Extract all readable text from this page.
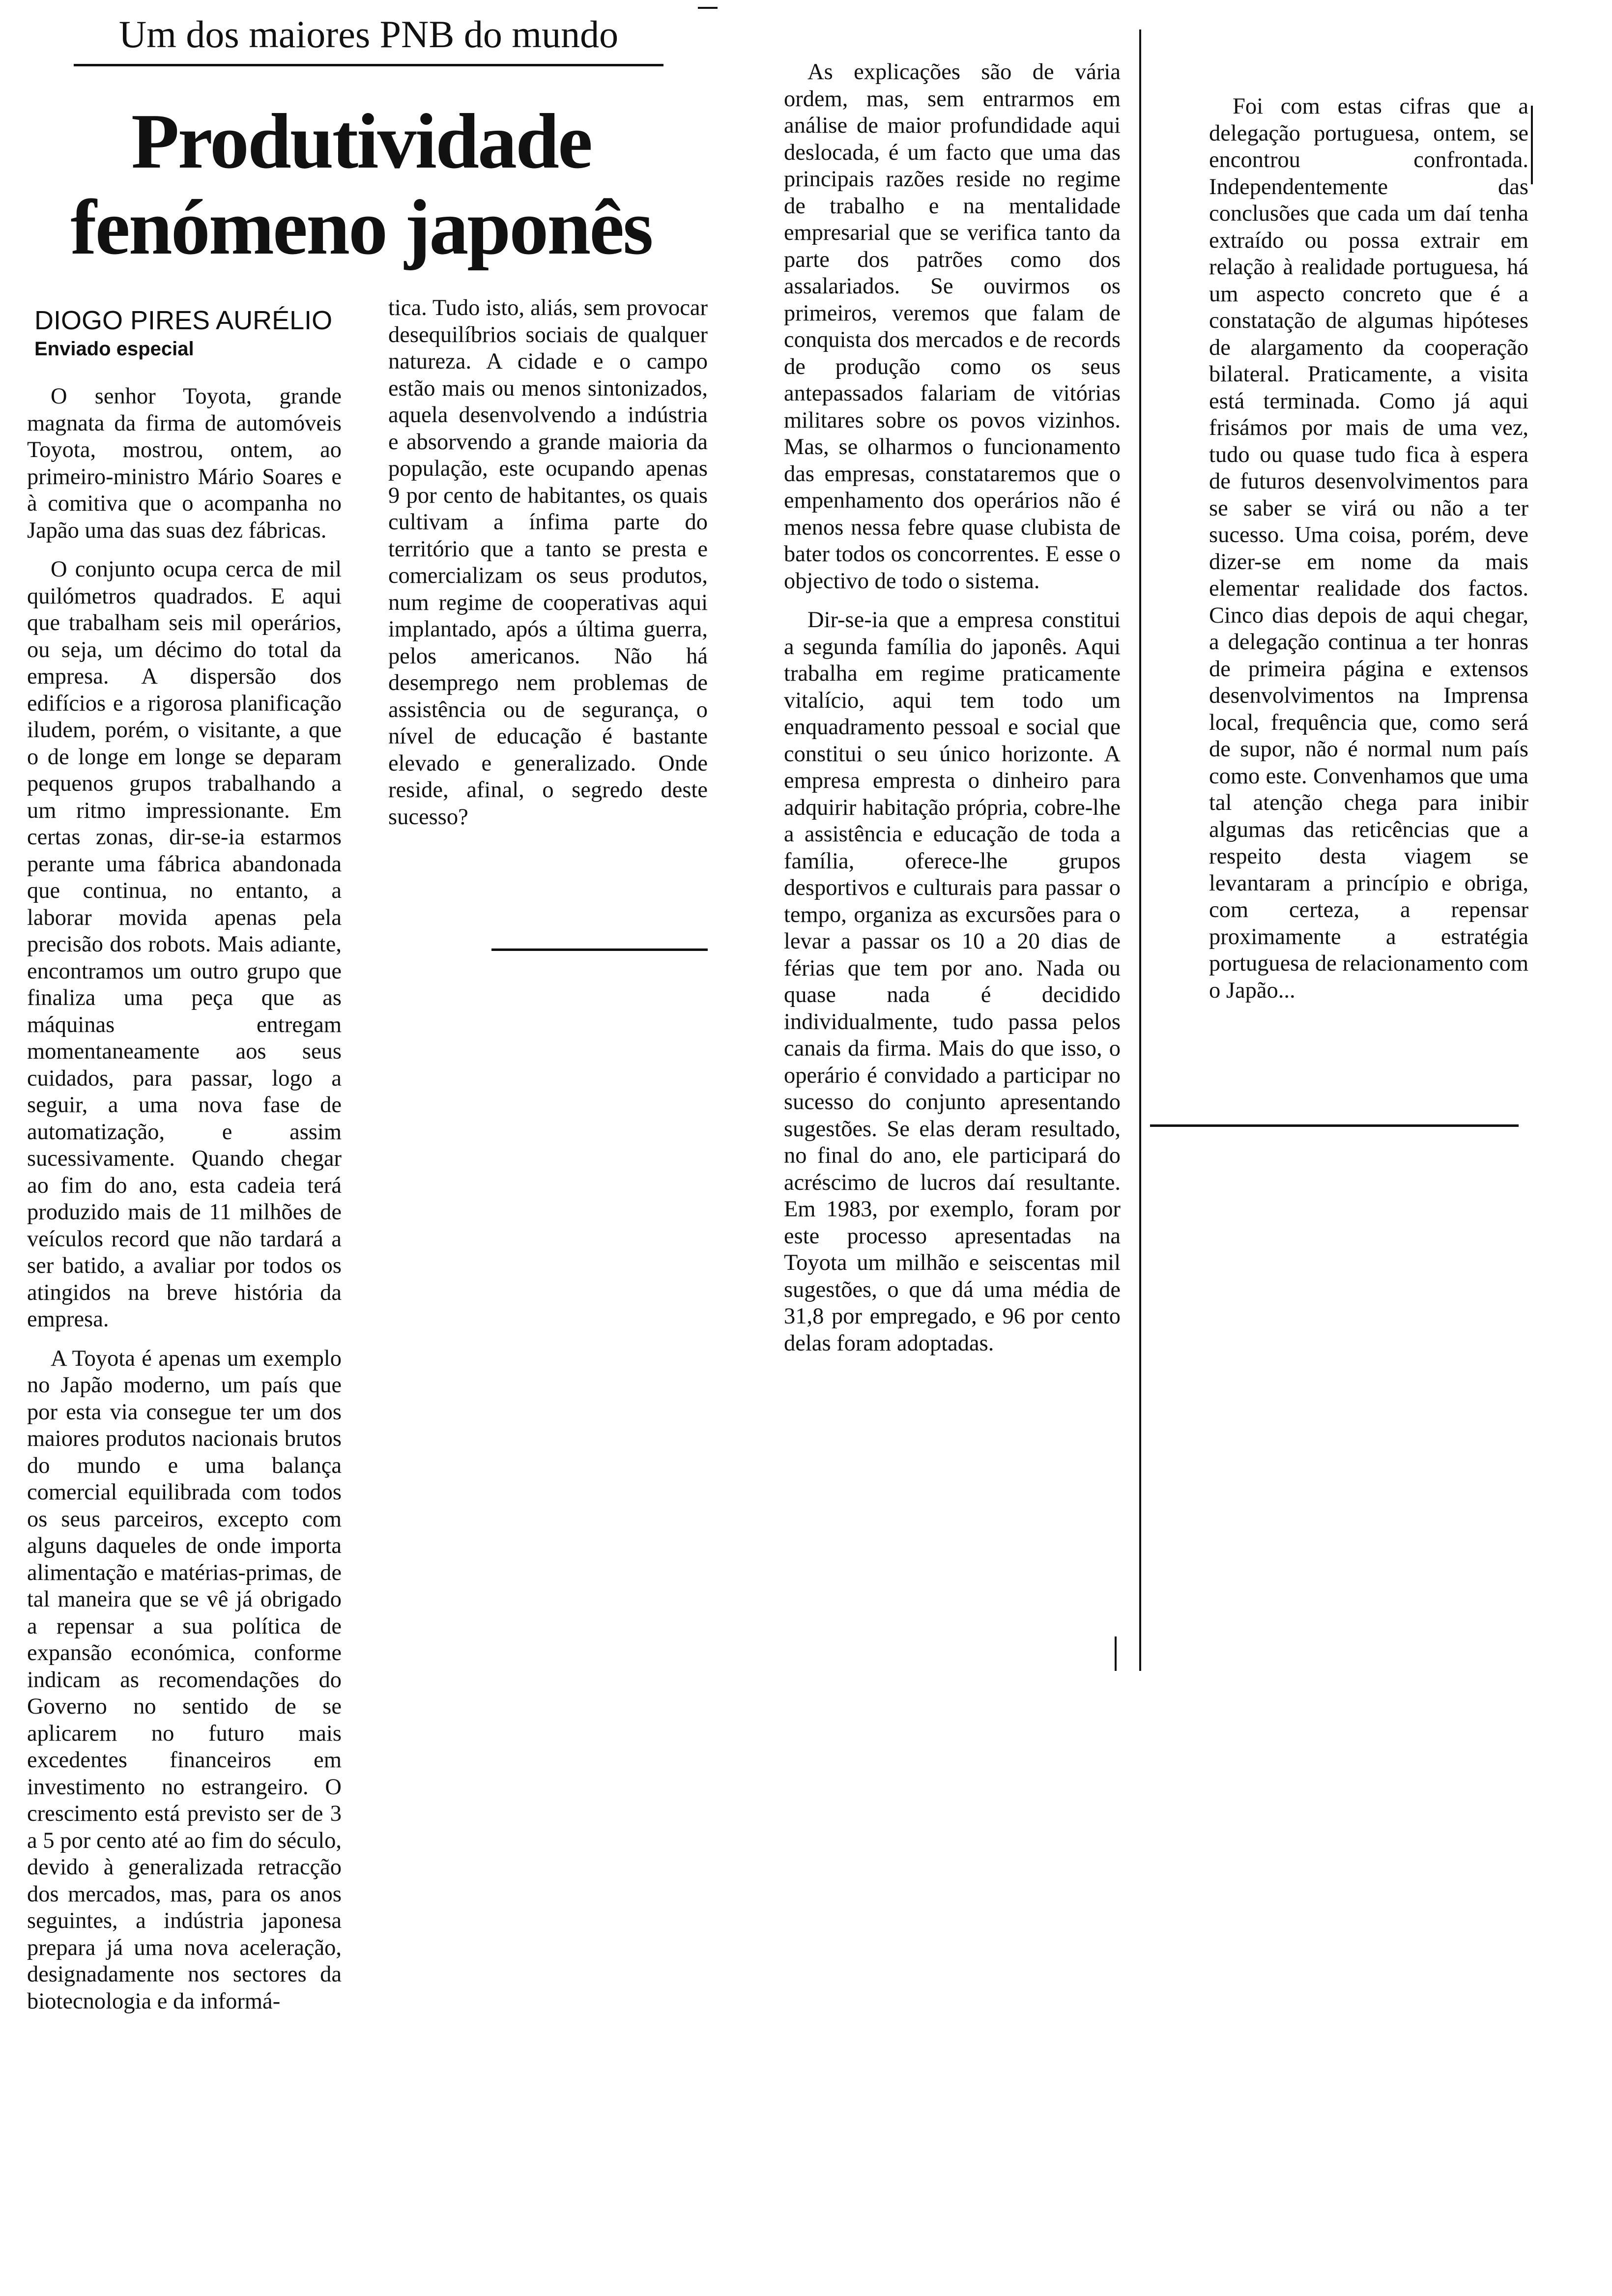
Um dos maiores PNB do mundo
Produtividade
fenómeno japonês
DIOGO PIRES AURÉLIO
Enviado especial

O senhor Toyota, grande magnata da firma de automóveis Toyota, mostrou, ontem, ao primeiro-ministro Mário Soares e à comitiva que o acompanha no Japão uma das suas dez fábricas.

O conjunto ocupa cerca de mil quilómetros quadrados. E aqui que trabalham seis mil operários, ou seja, um décimo do total da empresa. A dispersão dos edifícios e a rigorosa planificação iludem, porém, o visitante, a que o de longe em longe se deparam pequenos grupos trabalhando a um ritmo impressionante. Em certas zonas, dir-se-ia estarmos perante uma fábrica abandonada que continua, no entanto, a laborar movida apenas pela precisão dos robots. Mais adiante, encontramos um outro grupo que finaliza uma peça que as máquinas entregam momentaneamente aos seus cuidados, para passar, logo a seguir, a uma nova fase de automatização, e assim sucessivamente. Quando chegar ao fim do ano, esta cadeia terá produzido mais de 11 milhões de veículos record que não tardará a ser batido, a avaliar por todos os atingidos na breve história da empresa.

A Toyota é apenas um exemplo no Japão moderno, um país que por esta via consegue ter um dos maiores produtos nacionais brutos do mundo e uma balança comercial equilibrada com todos os seus parceiros, excepto com alguns daqueles de onde importa alimentação e matérias-primas, de tal maneira que se vê já obrigado a repensar a sua política de expansão económica, conforme indicam as recomendações do Governo no sentido de se aplicarem no futuro mais excedentes financeiros em investimento no estrangeiro. O crescimento está previsto ser de 3 a 5 por cento até ao fim do século, devido à generalizada retracção dos mercados, mas, para os anos seguintes, a indústria japonesa prepara já uma nova aceleração, designadamente nos sectores da biotecnologia e da informá-

tica. Tudo isto, aliás, sem provocar desequilíbrios sociais de qualquer natureza. A cidade e o campo estão mais ou menos sintonizados, aquela desenvolvendo a indústria e absorvendo a grande maioria da população, este ocupando apenas 9 por cento de habitantes, os quais cultivam a ínfima parte do território que a tanto se presta e comercializam os seus produtos, num regime de cooperativas aqui implantado, após a última guerra, pelos americanos. Não há desemprego nem problemas de assistência ou de segurança, o nível de educação é bastante elevado e generalizado. Onde reside, afinal, o segredo deste sucesso?

As explicações são de vária ordem, mas, sem entrarmos em análise de maior profundidade aqui deslocada, é um facto que uma das principais razões reside no regime de trabalho e na mentalidade empresarial que se verifica tanto da parte dos patrões como dos assalariados. Se ouvirmos os primeiros, veremos que falam de conquista dos mercados e de records de produção como os seus antepassados falariam de vitórias militares sobre os povos vizinhos. Mas, se olharmos o funcionamento das empresas, constataremos que o empenhamento dos operários não é menos nessa febre quase clubista de bater todos os concorrentes. E esse o objectivo de todo o sistema.

Dir-se-ia que a empresa constitui a segunda família do japonês. Aqui trabalha em regime praticamente vitalício, aqui tem todo um enquadramento pessoal e social que constitui o seu único horizonte. A empresa empresta o dinheiro para adquirir habitação própria, cobre-lhe a assistência e educação de toda a família, oferece-lhe grupos desportivos e culturais para passar o tempo, organiza as excursões para o levar a passar os 10 a 20 dias de férias que tem por ano. Nada ou quase nada é decidido individualmente, tudo passa pelos canais da firma. Mais do que isso, o operário é convidado a participar no sucesso do conjunto apresentando sugestões. Se elas deram resultado, no final do ano, ele participará do acréscimo de lucros daí resultante. Em 1983, por exemplo, foram por este processo apresentadas na Toyota um milhão e seiscentas mil sugestões, o que dá uma média de 31,8 por empregado, e 96 por cento delas foram adoptadas.

Foi com estas cifras que a delegação portuguesa, ontem, se encontrou confrontada. Independentemente das conclusões que cada um daí tenha extraído ou possa extrair em relação à realidade portuguesa, há um aspecto concreto que é a constatação de algumas hipóteses de alargamento da cooperação bilateral. Praticamente, a visita está terminada. Como já aqui frisámos por mais de uma vez, tudo ou quase tudo fica à espera de futuros desenvolvimentos para se saber se virá ou não a ter sucesso. Uma coisa, porém, deve dizer-se em nome da mais elementar realidade dos factos. Cinco dias depois de aqui chegar, a delegação continua a ter honras de primeira página e extensos desenvolvimentos na Imprensa local, frequência que, como será de supor, não é normal num país como este. Convenhamos que uma tal atenção chega para inibir algumas das reticências que a respeito desta viagem se levantaram a princípio e obriga, com certeza, a repensar proximamente a estratégia portuguesa de relacionamento com o Japão...
